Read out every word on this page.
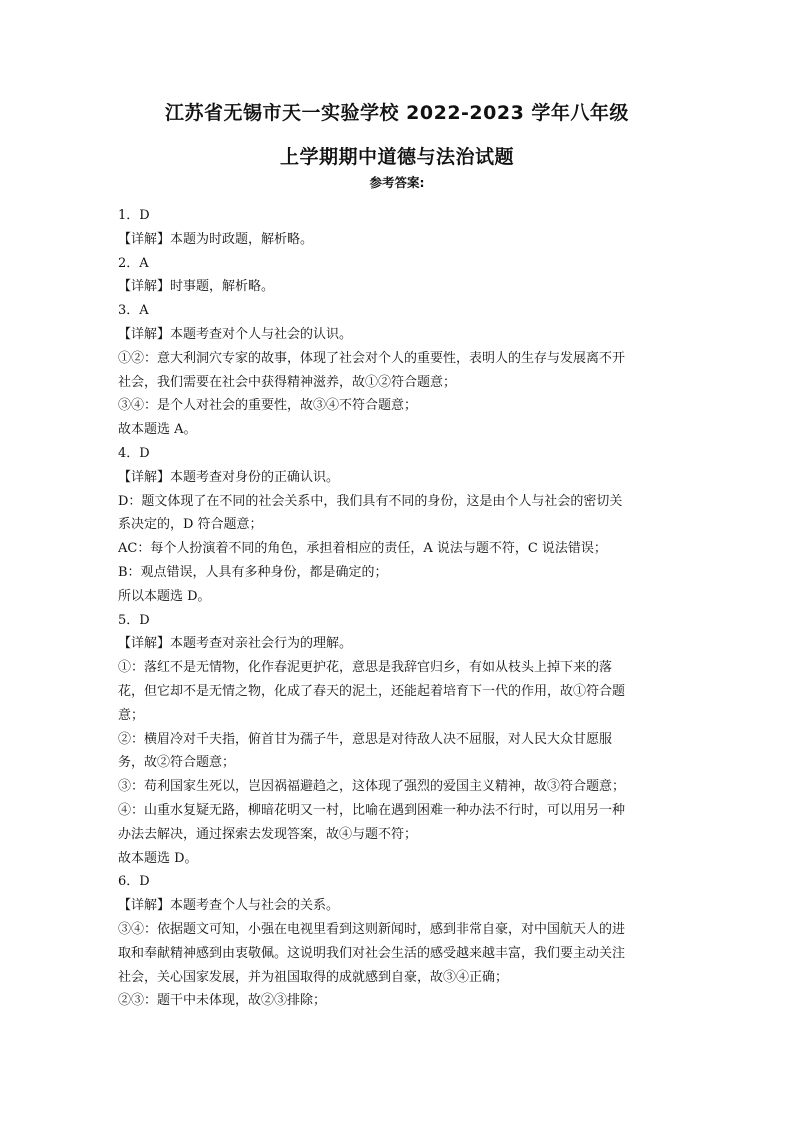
江苏省无锡市天一实验学校 2022-2023 学年八年级

上学期期中道德与法治试题

参考答案:
1．D
【详解】本题为时政题，解析略。
2．A
【详解】时事题，解析略。
3．A
【详解】本题考查对个人与社会的认识。
①②：意大利洞穴专家的故事，体现了社会对个人的重要性，表明人的生存与发展离不开
社会，我们需要在社会中获得精神滋养，故①②符合题意；
③④：是个人对社会的重要性，故③④不符合题意；
故本题选 A。
4．D
【详解】本题考查对身份的正确认识。
D：题文体现了在不同的社会关系中，我们具有不同的身份，这是由个人与社会的密切关
系决定的，D 符合题意；
AC：每个人扮演着不同的角色，承担着相应的责任，A 说法与题不符，C 说法错误；
B：观点错误，人具有多种身份，都是确定的；
所以本题选 D。
5．D
【详解】本题考查对亲社会行为的理解。
①：落红不是无情物，化作春泥更护花，意思是我辞官归乡，有如从枝头上掉下来的落
花，但它却不是无情之物，化成了春天的泥土，还能起着培育下一代的作用，故①符合题
意；
②：横眉冷对千夫指，俯首甘为孺子牛，意思是对待敌人决不屈服，对人民大众甘愿服
务，故②符合题意；
③：苟利国家生死以，岂因祸福避趋之，这体现了强烈的爱国主义精神，故③符合题意；
④：山重水复疑无路，柳暗花明又一村，比喻在遇到困难一种办法不行时，可以用另一种
办法去解决，通过探索去发现答案，故④与题不符；
故本题选 D。
6．D
【详解】本题考查个人与社会的关系。
③④：依据题文可知，小强在电视里看到这则新闻时，感到非常自豪，对中国航天人的进
取和奉献精神感到由衷敬佩。这说明我们对社会生活的感受越来越丰富，我们要主动关注
社会，关心国家发展，并为祖国取得的成就感到自豪，故③④正确；
②③：题干中未体现，故②③排除；
